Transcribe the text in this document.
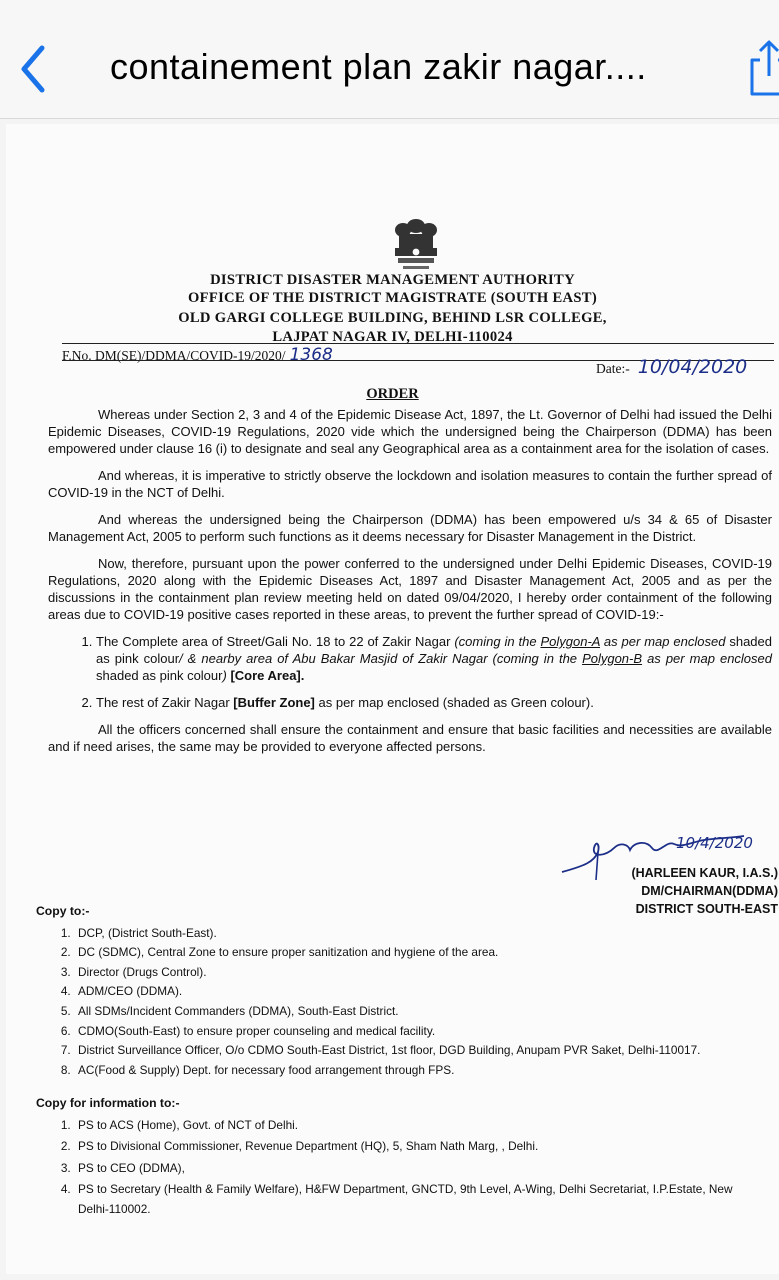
containement plan zakir nagar....
DISTRICT DISASTER MANAGEMENT AUTHORITY
OFFICE OF THE DISTRICT MAGISTRATE (SOUTH EAST)
OLD GARGI COLLEGE BUILDING, BEHIND LSR COLLEGE,
LAJPAT NAGAR IV, DELHI-110024
F.No. DM(SE)/DDMA/COVID-19/2020/ 1368
Date:- 10/04/2020
ORDER

Whereas under Section 2, 3 and 4 of the Epidemic Disease Act, 1897, the Lt. Governor of Delhi had issued the Delhi Epidemic Diseases, COVID-19 Regulations, 2020 vide which the undersigned being the Chairperson (DDMA) has been empowered under clause 16 (i) to designate and seal any Geographical area as a containment area for the isolation of cases.

And whereas, it is imperative to strictly observe the lockdown and isolation measures to contain the further spread of COVID-19 in the NCT of Delhi.

And whereas the undersigned being the Chairperson (DDMA) has been empowered u/s 34 & 65 of Disaster Management Act, 2005 to perform such functions as it deems necessary for Disaster Management in the District.

Now, therefore, pursuant upon the power conferred to the undersigned under Delhi Epidemic Diseases, COVID-19 Regulations, 2020 along with the Epidemic Diseases Act, 1897 and Disaster Management Act, 2005 and as per the discussions in the containment plan review meeting held on dated 09/04/2020, I hereby order containment of the following areas due to COVID-19 positive cases reported in these areas, to prevent the further spread of COVID-19:-

1. The Complete area of Street/Gali No. 18 to 22 of Zakir Nagar (coming in the Polygon-A as per map enclosed shaded as pink colour/ & nearby area of Abu Bakar Masjid of Zakir Nagar (coming in the Polygon-B as per map enclosed shaded as pink colour) [Core Area].
2. The rest of Zakir Nagar [Buffer Zone] as per map enclosed (shaded as Green colour).

All the officers concerned shall ensure the containment and ensure that basic facilities and necessities are available and if need arises, the same may be provided to everyone affected persons.

10/4/2020
(HARLEEN KAUR, I.A.S.)
DM/CHAIRMAN(DDMA)
DISTRICT SOUTH-EAST
Copy to:-
1. DCP, (District South-East).
2. DC (SDMC), Central Zone to ensure proper sanitization and hygiene of the area.
3. Director (Drugs Control).
4. ADM/CEO (DDMA).
5. All SDMs/Incident Commanders (DDMA), South-East District.
6. CDMO(South-East) to ensure proper counseling and medical facility.
7. District Surveillance Officer, O/o CDMO South-East District, 1st floor, DGD Building, Anupam PVR Saket, Delhi-110017.
8. AC(Food & Supply) Dept. for necessary food arrangement through FPS.
Copy for information to:-
1. PS to ACS (Home), Govt. of NCT of Delhi.
2. PS to Divisional Commissioner, Revenue Department (HQ), 5, Sham Nath Marg, , Delhi.
3. PS to CEO (DDMA),
4. PS to Secretary (Health & Family Welfare), H&FW Department, GNCTD, 9th Level, A-Wing, Delhi Secretariat, I.P.Estate, New Delhi-110002.
